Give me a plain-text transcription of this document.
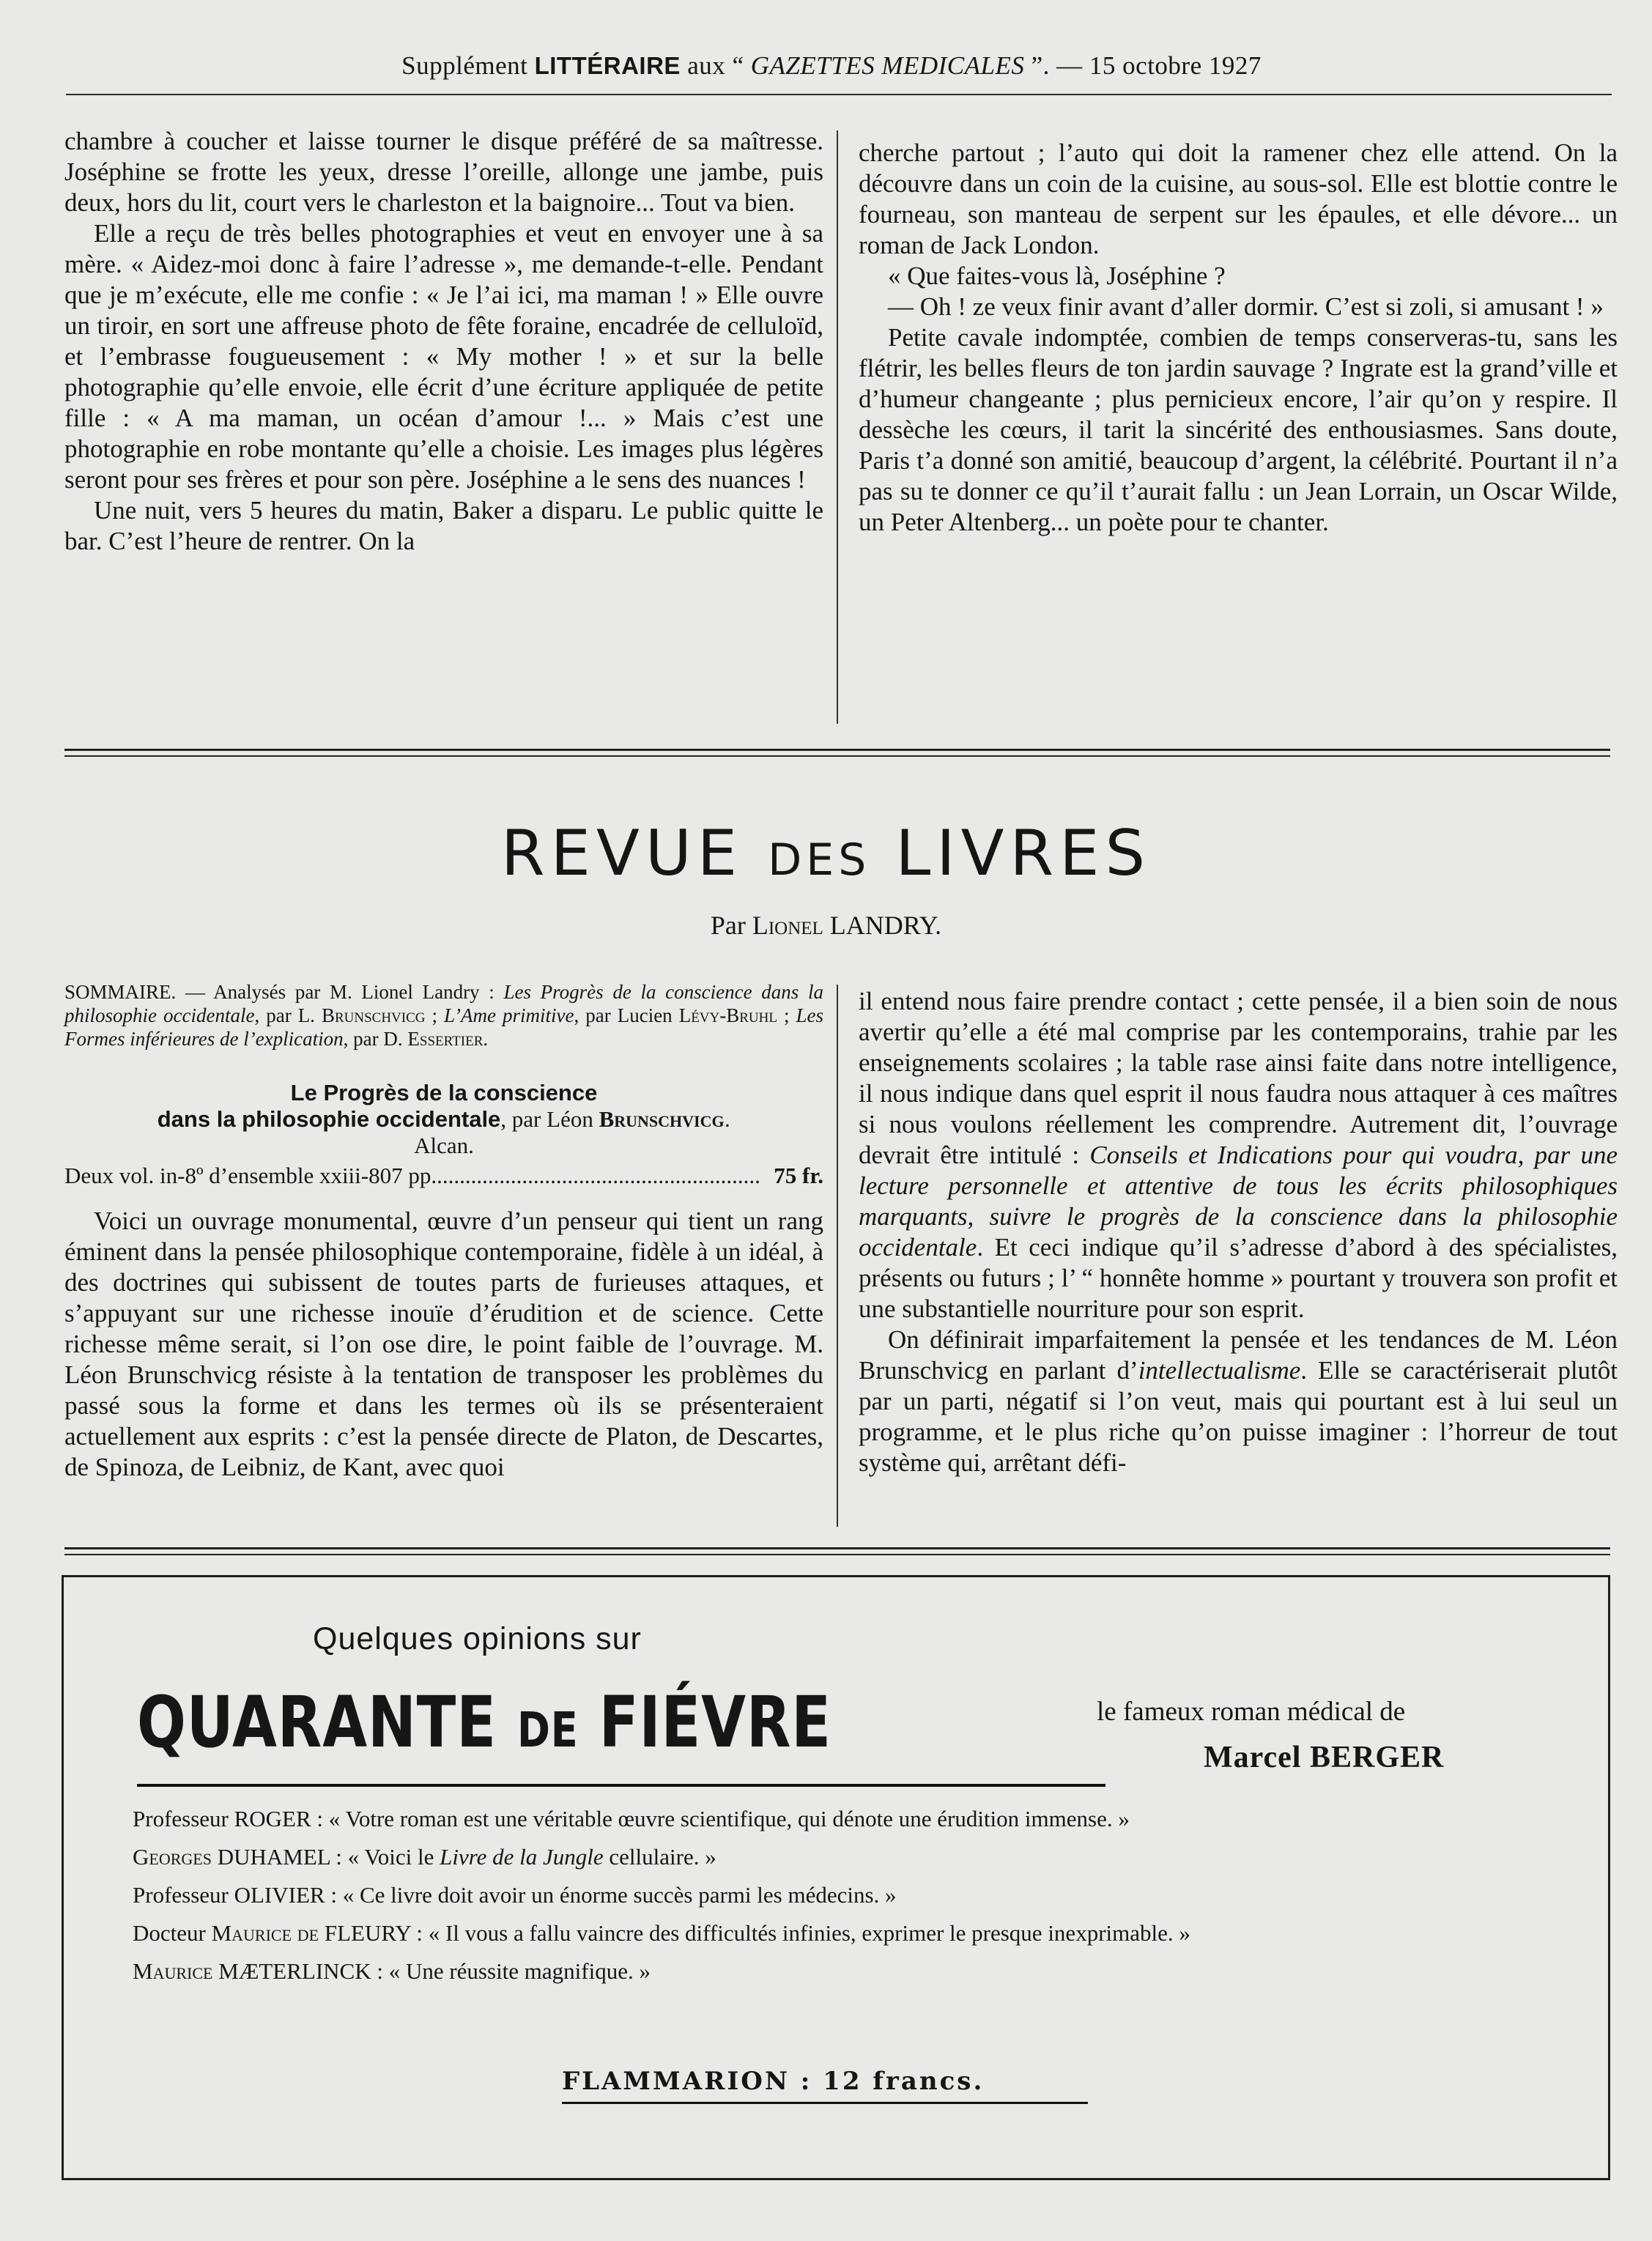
Supplément LITTÉRAIRE aux “ GAZETTES MEDICALES ”. — 15 octobre 1927

chambre à coucher et laisse tourner le disque préféré de sa maîtresse. Joséphine se frotte les yeux, dresse l’oreille, allonge une jambe, puis deux, hors du lit, court vers le charleston et la baignoire... Tout va bien.

Elle a reçu de très belles photographies et veut en envoyer une à sa mère. « Aidez-moi donc à faire l’adresse », me demande-t-elle. Pendant que je m’exécute, elle me confie : « Je l’ai ici, ma maman ! » Elle ouvre un tiroir, en sort une affreuse photo de fête foraine, encadrée de celluloïd, et l’embrasse fougueusement : « My mother ! » et sur la belle photographie qu’elle envoie, elle écrit d’une écriture appliquée de petite fille : « A ma maman, un océan d’amour !... » Mais c’est une photographie en robe montante qu’elle a choisie. Les images plus légères seront pour ses frères et pour son père. Joséphine a le sens des nuances !

Une nuit, vers 5 heures du matin, Baker a disparu. Le public quitte le bar. C’est l’heure de rentrer. On la

cherche partout ; l’auto qui doit la ramener chez elle attend. On la découvre dans un coin de la cuisine, au sous-sol. Elle est blottie contre le fourneau, son manteau de serpent sur les épaules, et elle dévore... un roman de Jack London.

« Que faites-vous là, Joséphine ?

— Oh ! ze veux finir avant d’aller dormir. C’est si zoli, si amusant ! »

Petite cavale indomptée, combien de temps conserveras-tu, sans les flétrir, les belles fleurs de ton jardin sauvage ? Ingrate est la grand’ville et d’humeur changeante ; plus pernicieux encore, l’air qu’on y respire. Il dessèche les cœurs, il tarit la sincérité des enthousiasmes. Sans doute, Paris t’a donné son amitié, beaucoup d’argent, la célébrité. Pourtant il n’a pas su te donner ce qu’il t’aurait fallu : un Jean Lorrain, un Oscar Wilde, un Peter Altenberg... un poète pour te chanter.

REVUE DES LIVRES
Par Lionel LANDRY.

SOMMAIRE. — Analysés par M. Lionel Landry : Les Progrès de la conscience dans la philosophie occidentale, par L. Brunschvicg ; L’Ame primitive, par Lucien Lévy-Bruhl ; Les Formes inférieures de l’explication, par D. Essertier.

Le Progrès de la conscience

dans la philosophie occidentale, par Léon Brunschvicg.

Alcan.

Deux vol. in-8º d’ensemble xxiii-807 pp .......................................................... 75 fr.

Voici un ouvrage monumental, œuvre d’un penseur qui tient un rang éminent dans la pensée philosophique contemporaine, fidèle à un idéal, à des doctrines qui subissent de toutes parts de furieuses attaques, et s’appuyant sur une richesse inouïe d’érudition et de science. Cette richesse même serait, si l’on ose dire, le point faible de l’ouvrage. M. Léon Brunschvicg résiste à la tentation de transposer les problèmes du passé sous la forme et dans les termes où ils se présenteraient actuellement aux esprits : c’est la pensée directe de Platon, de Descartes, de Spinoza, de Leibniz, de Kant, avec quoi

il entend nous faire prendre contact ; cette pensée, il a bien soin de nous avertir qu’elle a été mal comprise par les contemporains, trahie par les enseignements scolaires ; la table rase ainsi faite dans notre intelligence, il nous indique dans quel esprit il nous faudra nous attaquer à ces maîtres si nous voulons réellement les comprendre. Autrement dit, l’ouvrage devrait être intitulé : Conseils et Indications pour qui voudra, par une lecture personnelle et attentive de tous les écrits philosophiques marquants, suivre le progrès de la conscience dans la philosophie occidentale. Et ceci indique qu’il s’adresse d’abord à des spécialistes, présents ou futurs ; l’ “ honnête homme » pourtant y trouvera son profit et une substantielle nourriture pour son esprit.

On définirait imparfaitement la pensée et les tendances de M. Léon Brunschvicg en parlant d’intellectualisme. Elle se caractériserait plutôt par un parti, négatif si l’on veut, mais qui pourtant est à lui seul un programme, et le plus riche qu’on puisse imaginer : l’horreur de tout système qui, arrêtant défi-

Quelques opinions sur
QUARANTE DE FIÉVRE	le fameux roman médical de
Marcel BERGER
Professeur ROGER : « Votre roman est une véritable œuvre scientifique, qui dénote une érudition immense. »
Georges DUHAMEL : « Voici le Livre de la Jungle cellulaire. »
Professeur OLIVIER : « Ce livre doit avoir un énorme succès parmi les médecins. »
Docteur Maurice de FLEURY : « Il vous a fallu vaincre des difficultés infinies, exprimer le presque inexprimable. »
Maurice MÆTERLINCK : « Une réussite magnifique. »
FLAMMARION : 12 francs.
